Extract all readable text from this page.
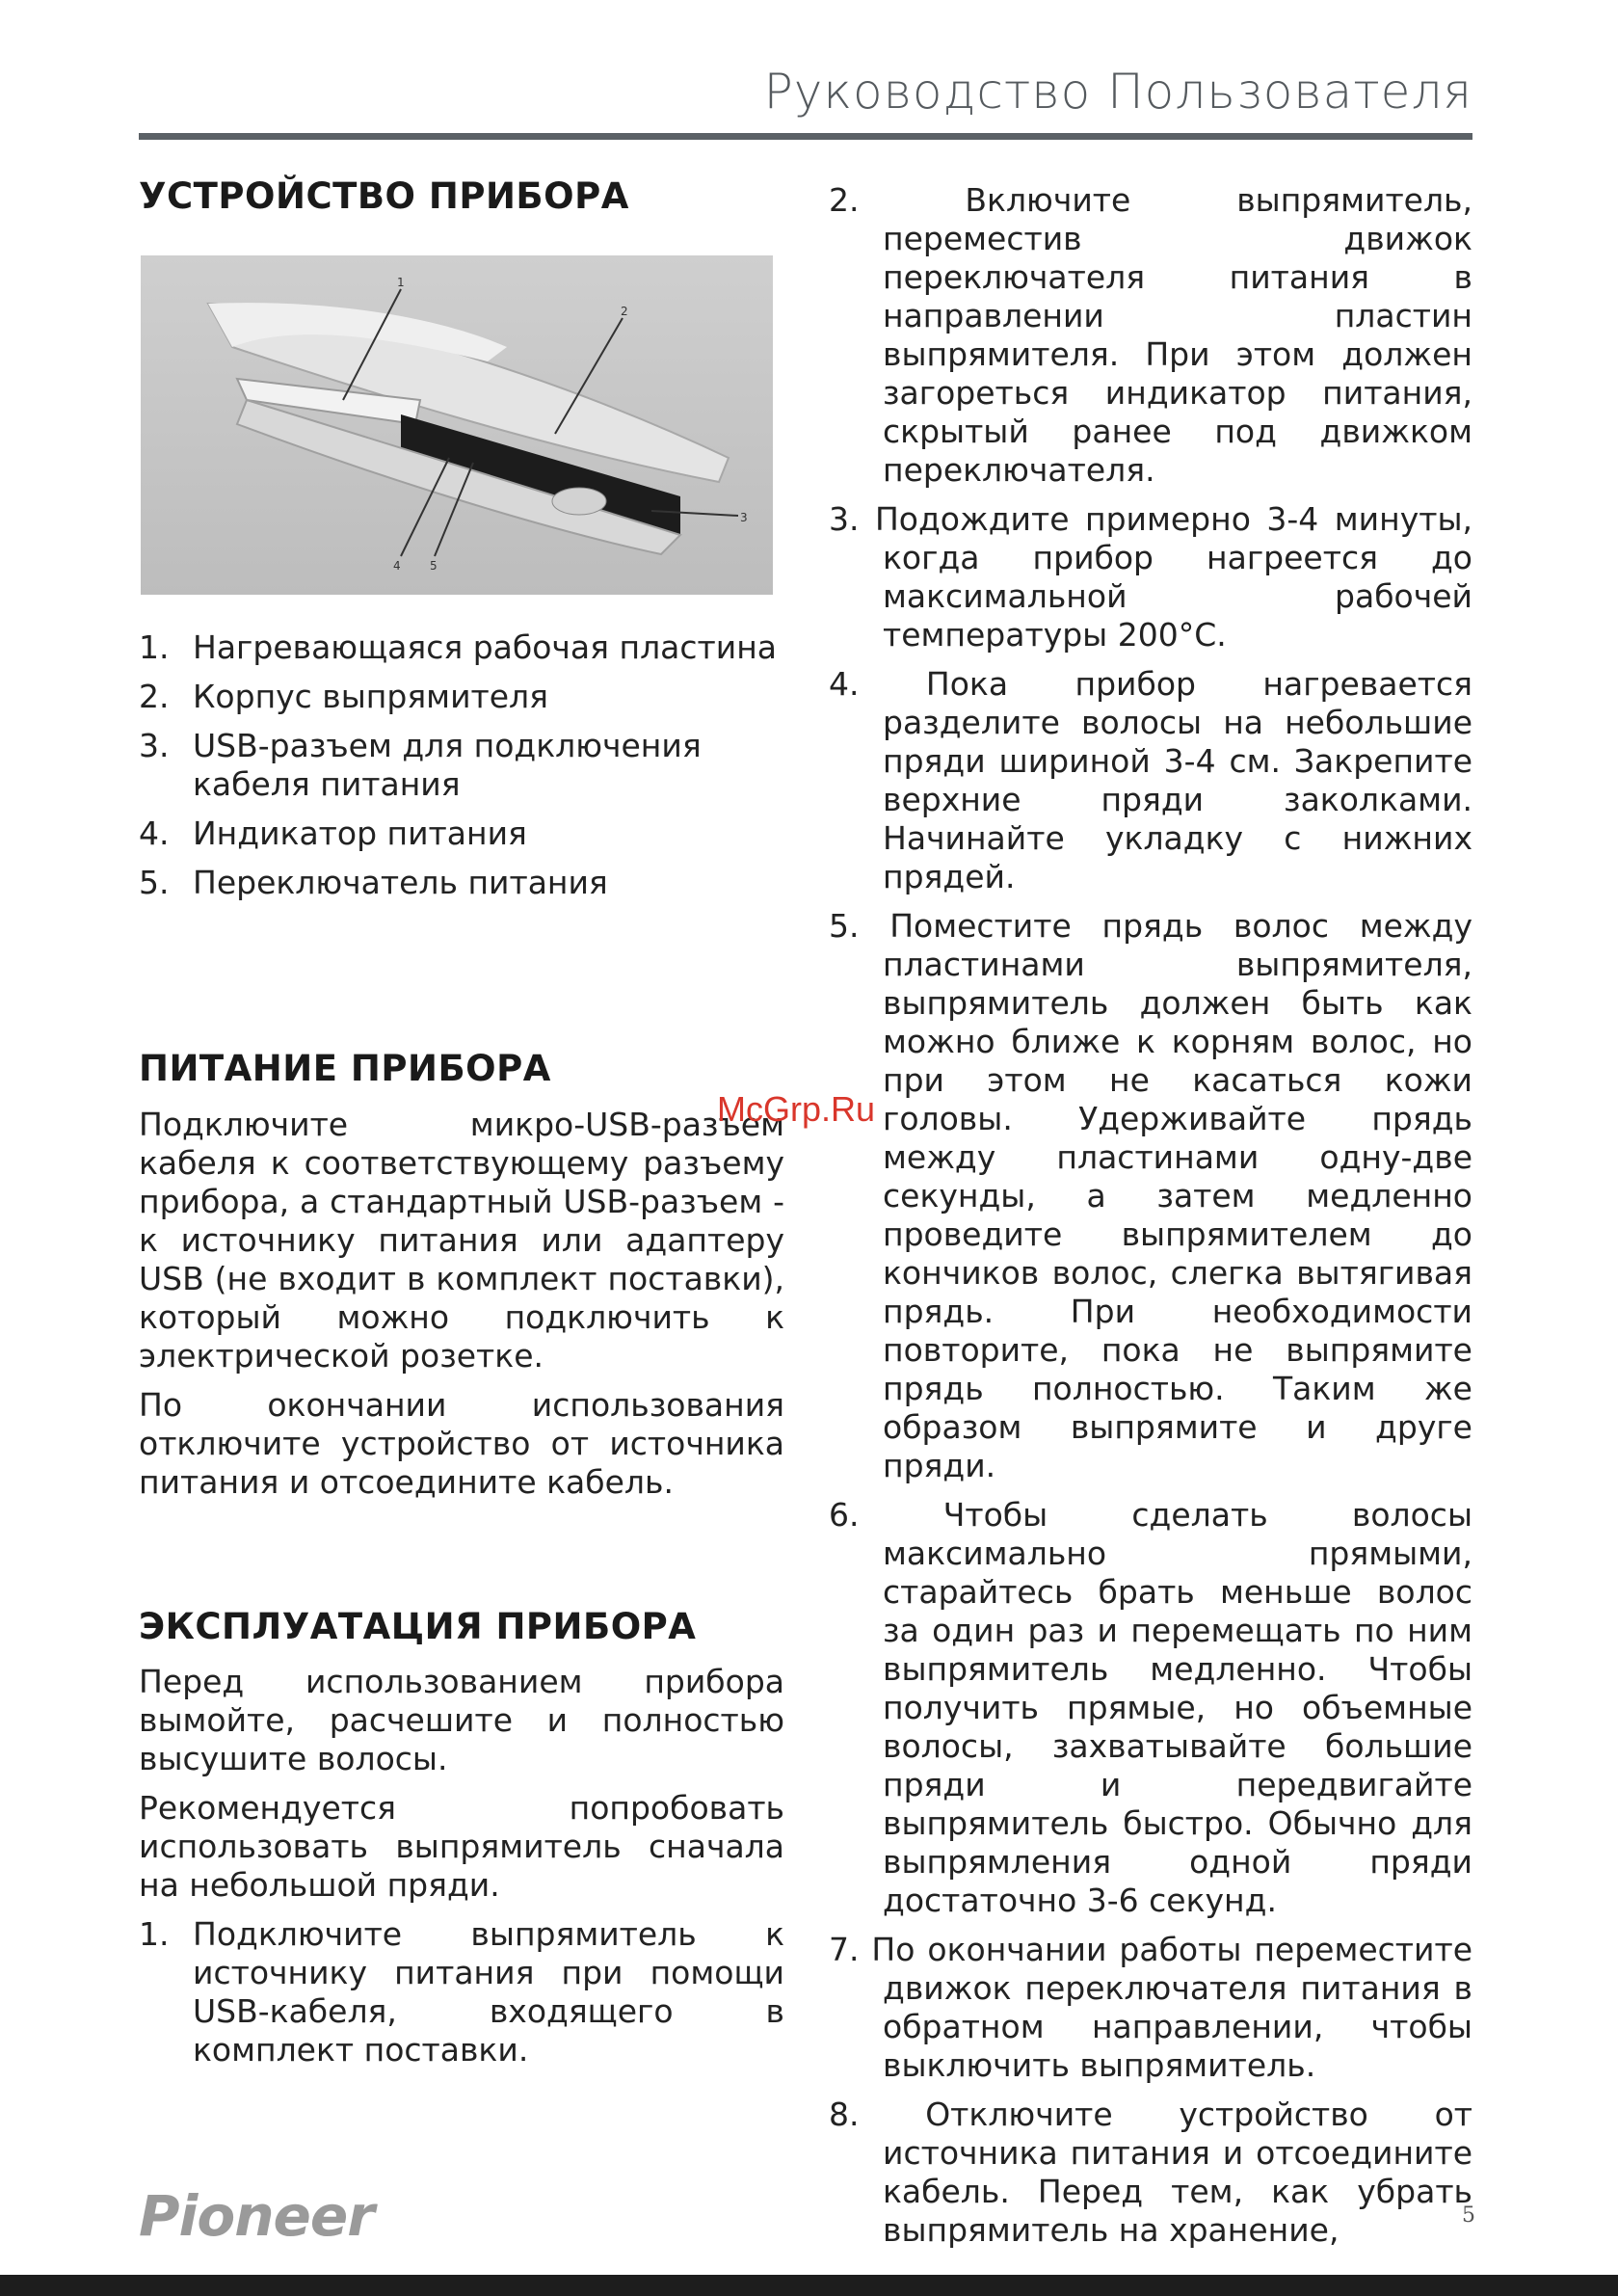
Руководство Пользователя
УСТРОЙСТВО ПРИБОРА
1
2
3
4	5
1. Нагревающаяся рабочая пластина
2. Корпус выпрямителя
3. USB-разъем для подключения кабеля питания
4. Индикатор питания
5. Переключатель питания
ПИТАНИЕ ПРИБОРА

Подключите микро-USB-разъем кабеля к соответствующему разъему прибора, а стандартный USB-разъем - к источнику питания или адаптеру USB (не входит в комплект поставки), который можно подключить к электрической розетке.

По окончании использования отключите устройство от источника питания и отсоедините кабель.

ЭКСПЛУАТАЦИЯ ПРИБОРА

Перед использованием прибора вымойте, расчешите и полностью высушите волосы.

Рекомендуется попробовать использовать выпрямитель сначала на небольшой пряди.

1. Подключите выпрямитель к источнику питания при помощи USB-кабеля, входящего в комплект поставки.
2. Включите выпрямитель, переместив движок переключателя питания в направлении пластин выпрямителя. При этом должен загореться индикатор питания, скрытый ранее под движком переключателя.
3. Подождите примерно 3-4 минуты, когда прибор нагреется до максимальной рабочей температуры 200°С.
4. Пока прибор нагревается разделите волосы на небольшие пряди шириной 3-4 см. Закрепите верхние пряди заколками. Начинайте укладку с нижних прядей.
5. Поместите прядь волос между пластинами выпрямителя, выпрямитель должен быть как можно ближе к корням волос, но при этом не касаться кожи головы. Удерживайте прядь между пластинами одну-две секунды, а затем медленно проведите выпрямителем до кончиков волос, слегка вытягивая прядь. При необходимости повторите, пока не выпрямите прядь полностью. Таким же образом выпрямите и друге пряди.
6. Чтобы сделать волосы максимально прямыми, старайтесь брать меньше волос за один раз и перемещать по ним выпрямитель медленно. Чтобы получить прямые, но объемные волосы, захватывайте большие пряди и передвигайте выпрямитель быстро. Обычно для выпрямления одной пряди достаточно 3-6 секунд.
7. По окончании работы переместите движок переключателя питания в обратном направлении, чтобы выключить выпрямитель.
8. Отключите устройство от источника питания и отсоедините кабель. Перед тем, как убрать выпрямитель на хранение,
McGrp.Ru
Pioneer	5
